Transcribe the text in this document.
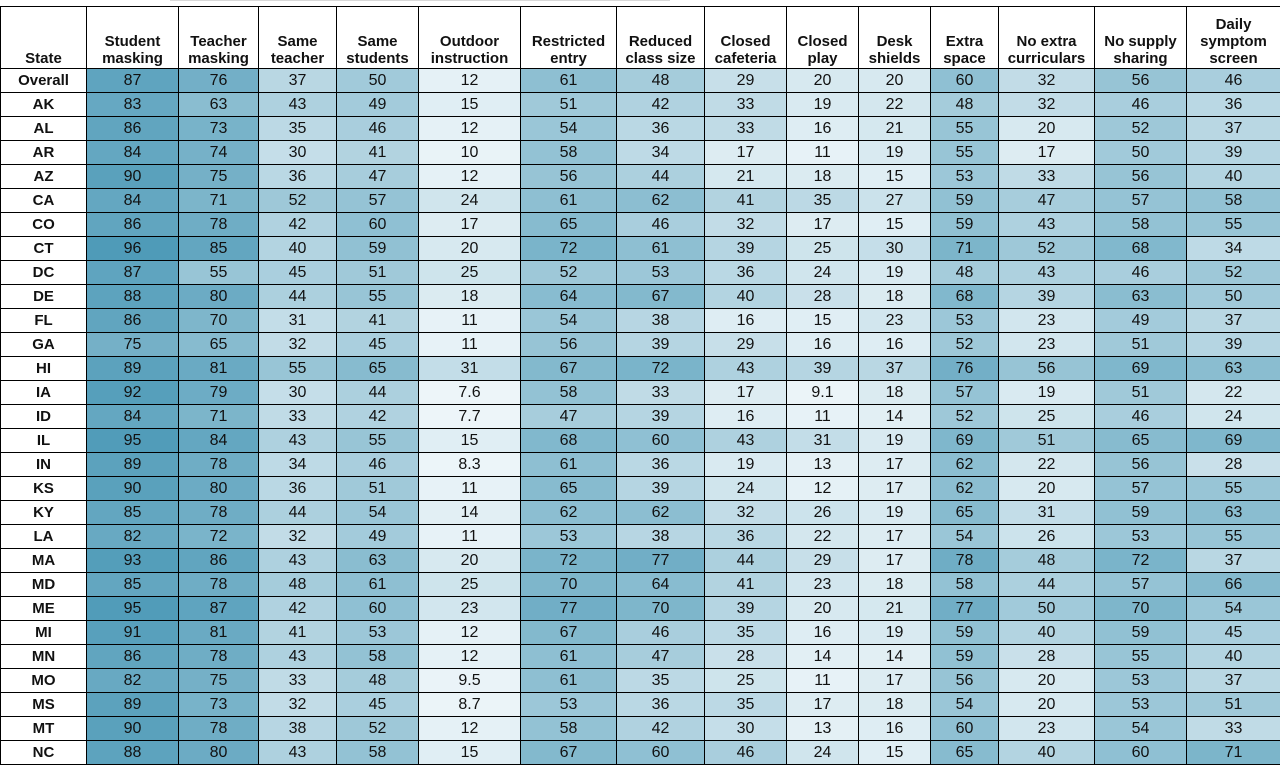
State	Student masking	Teacher masking	Same teacher	Same students	Outdoor instruction	Restricted entry	Reduced class size	Closed cafeteria	Closed play	Desk shields	Extra space	No extra curriculars	No supply sharing	Daily symptom screen
Overall	87	76	37	50	12	61	48	29	20	20	60	32	56	46
AK	83	63	43	49	15	51	42	33	19	22	48	32	46	36
AL	86	73	35	46	12	54	36	33	16	21	55	20	52	37
AR	84	74	30	41	10	58	34	17	11	19	55	17	50	39
AZ	90	75	36	47	12	56	44	21	18	15	53	33	56	40
CA	84	71	52	57	24	61	62	41	35	27	59	47	57	58
CO	86	78	42	60	17	65	46	32	17	15	59	43	58	55
CT	96	85	40	59	20	72	61	39	25	30	71	52	68	34
DC	87	55	45	51	25	52	53	36	24	19	48	43	46	52
DE	88	80	44	55	18	64	67	40	28	18	68	39	63	50
FL	86	70	31	41	11	54	38	16	15	23	53	23	49	37
GA	75	65	32	45	11	56	39	29	16	16	52	23	51	39
HI	89	81	55	65	31	67	72	43	39	37	76	56	69	63
IA	92	79	30	44	7.6	58	33	17	9.1	18	57	19	51	22
ID	84	71	33	42	7.7	47	39	16	11	14	52	25	46	24
IL	95	84	43	55	15	68	60	43	31	19	69	51	65	69
IN	89	78	34	46	8.3	61	36	19	13	17	62	22	56	28
KS	90	80	36	51	11	65	39	24	12	17	62	20	57	55
KY	85	78	44	54	14	62	62	32	26	19	65	31	59	63
LA	82	72	32	49	11	53	38	36	22	17	54	26	53	55
MA	93	86	43	63	20	72	77	44	29	17	78	48	72	37
MD	85	78	48	61	25	70	64	41	23	18	58	44	57	66
ME	95	87	42	60	23	77	70	39	20	21	77	50	70	54
MI	91	81	41	53	12	67	46	35	16	19	59	40	59	45
MN	86	78	43	58	12	61	47	28	14	14	59	28	55	40
MO	82	75	33	48	9.5	61	35	25	11	17	56	20	53	37
MS	89	73	32	45	8.7	53	36	35	17	18	54	20	53	51
MT	90	78	38	52	12	58	42	30	13	16	60	23	54	33
NC	88	80	43	58	15	67	60	46	24	15	65	40	60	71
